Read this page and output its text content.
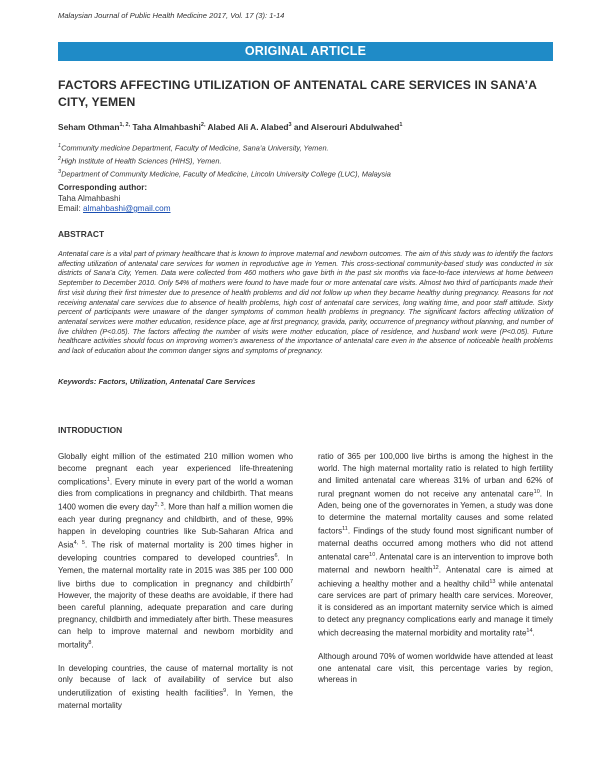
Malaysian Journal of Public Health Medicine 2017, Vol. 17 (3): 1-14
ORIGINAL ARTICLE
FACTORS AFFECTING UTILIZATION OF ANTENATAL CARE SERVICES IN SANA’A CITY, YEMEN
Seham Othman$^{1, 2,}$ Taha Almahbashi$^{2,}$ Alabed Ali A. Alabed$^3$ and Alserouri Abdulwahed$^1$
$^1$Community medicine Department, Faculty of Medicine, Sana’a University, Yemen.
$^2$High Institute of Health Sciences (HIHS), Yemen.
$^3$Department of Community Medicine, Faculty of Medicine, Lincoln University College (LUC), Malaysia
Corresponding author:
Taha Almahbashi
Email: almahbashi@gmail.com
ABSTRACT
Antenatal care is a vital part of primary healthcare that is known to improve maternal and newborn outcomes. The aim of this study was to identify the factors affecting utilization of antenatal care services for women in reproductive age in Yemen. This cross-sectional community-based study was conducted in six districts of Sana’a City, Yemen. Data were collected from 460 mothers who gave birth in the past six months via face-to-face interviews at home between September to December 2010. Only 54% of mothers were found to have made four or more antenatal care visits. Almost two third of participants made their first visit during their first trimester due to presence of health problems and did not follow up when they became healthy during pregnancy. Reasons for not receiving antenatal care services due to absence of health problems, high cost of antenatal care services, long waiting time, and poor staff attitude. Sixty percent of participants were unaware of the danger symptoms of common health problems in pregnancy. The significant factors affecting utilization of antenatal services were mother education, residence place, age at first pregnancy, gravida, parity, occurrence of pregnancy without planning, and number of live children (P<0.05). The factors affecting the number of visits were mother education, place of residence, and husband work were (P<0.05). Future healthcare activities should focus on improving women’s awareness of the importance of antenatal care even in the absence of noticeable health problems and lack of education about the common danger signs and symptoms of pregnancy.
Keywords: Factors, Utilization, Antenatal Care Services
INTRODUCTION

Globally eight million of the estimated 210 million women who become pregnant each year experienced life-threatening complications$^1$. Every minute in every part of the world a woman dies from complications in pregnancy and childbirth. That means 1400 women die every day$^{2, 3}$. More than half a million women die each year during pregnancy and childbirth, and of these, 99% happen in developing countries like Sub-Saharan Africa and Asia$^{4, 5}$. The risk of maternal mortality is 200 times higher in developing countries compared to developed countries$^6$. In Yemen, the maternal mortality rate in 2015 was 385 per 100 000 live births due to complication in pregnancy and childbirth$^7$ However, the majority of these deaths are avoidable, if there had been careful planning, adequate preparation and care during pregnancy, childbirth and immediately after birth. These measures can help to improve maternal and newborn morbidity and mortality$^8$.

In developing countries, the cause of maternal mortality is not only because of lack of availability of service but also underutilization of existing health facilities$^9$. In Yemen, the maternal mortality

ratio of 365 per 100,000 live births is among the highest in the world. The high maternal mortality ratio is related to high fertility and limited antenatal care whereas 31% of urban and 62% of rural pregnant women do not receive any antenatal care$^{10}$. In Aden, being one of the governorates in Yemen, a study was done to determine the maternal mortality causes and some related factors$^{11}$. Findings of the study found most significant number of maternal deaths occurred among mothers who did not attend antenatal care$^{10}$. Antenatal care is an intervention to improve both maternal and newborn health$^{12}$. Antenatal care is aimed at achieving a healthy mother and a healthy child$^{13}$ while antenatal care services are part of primary health care services. Moreover, it is considered as an important maternity service which is aimed to detect any pregnancy complications early and manage it timely which decreasing the maternal morbidity and mortality rate$^{14}$.

Although around 70% of women worldwide have attended at least one antenatal care visit, this percentage varies by region, whereas in
